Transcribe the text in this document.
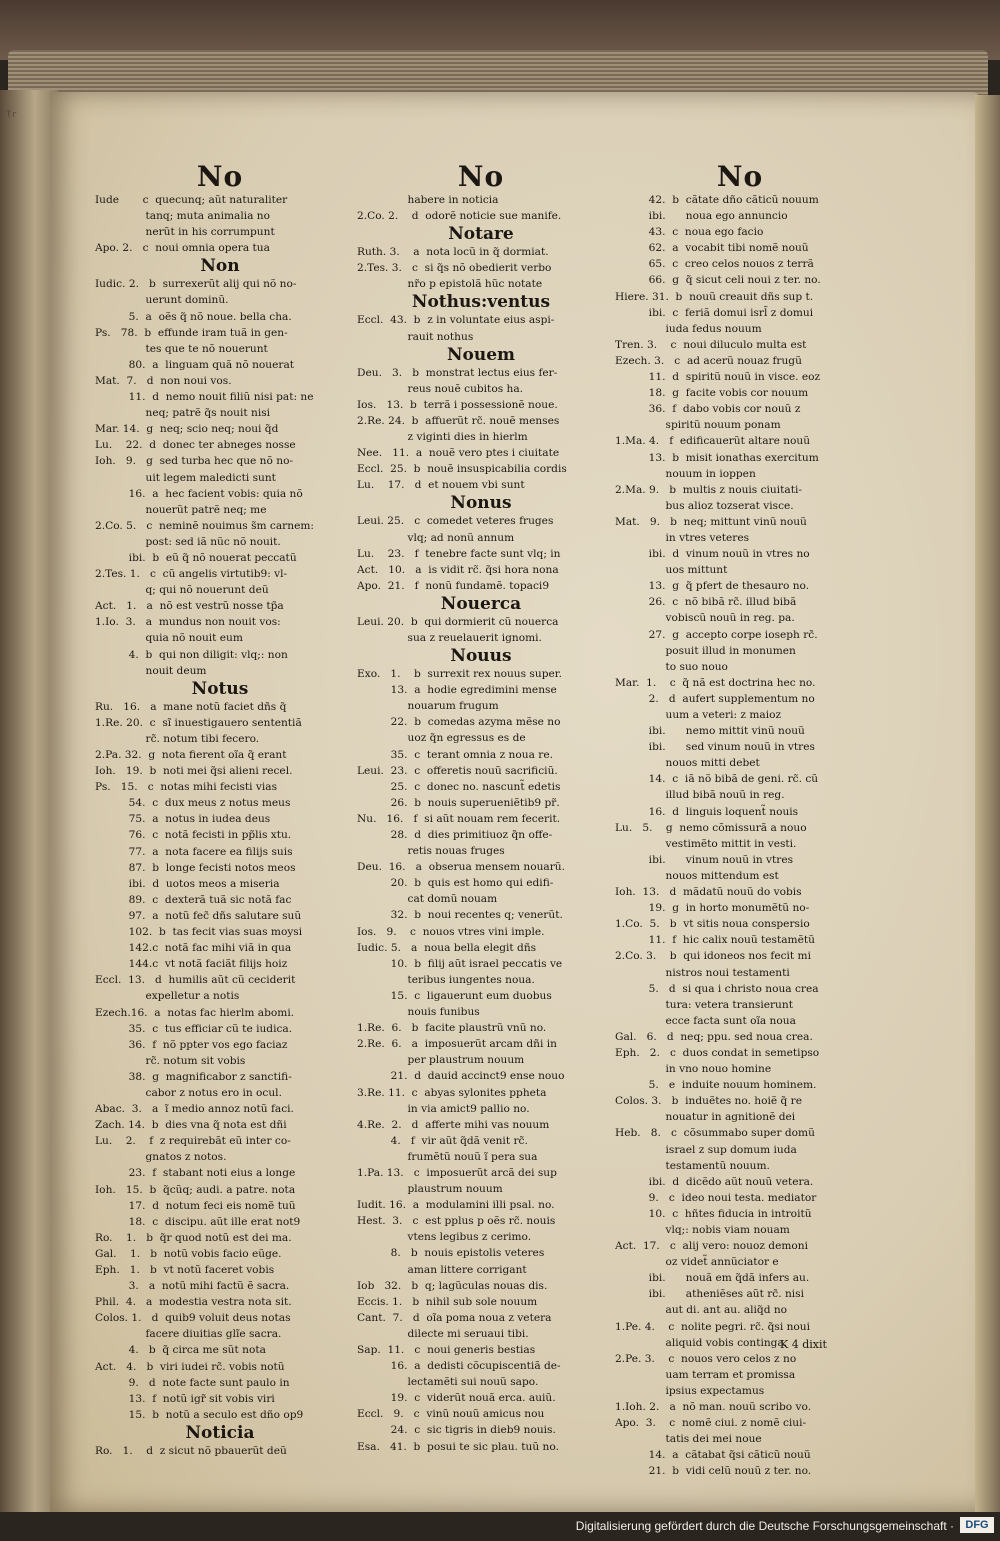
Tr
No
Iude       c  quecunq; aũt naturaliter
tanq; muta animalia no
nerũt in his corrumpunt
Apo. 2.   c  noui omnia opera tua
Non
Iudic. 2.   b  surrexerũt alij qui nõ no-
uerunt dominũ.
5.  a  oẽs q̃ nõ noue. bella cha.
Ps.   78.  b  effunde iram tuã in gen-
tes que te nõ nouerunt
80.  a  linguam quã nõ nouerat
Mat.  7.   d  non noui vos.
11.  d  nemo nouit filiũ nisi pat: ne
neq; patrẽ q̃s nouit nisi
Mar. 14.  g  neq; scio neq; noui q̃d
Lu.    22.  d  donec ter abneges nosse
Ioh.   9.   g  sed turba hec que nõ no-
uit legem maledicti sunt
16.  a  hec facient vobis: quia nõ
nouerũt patrẽ neq; me
2.Co. 5.   c  neminẽ nouimus s̃m carnem:
post: sed iã nũc nõ nouit.
ibi.  b  eũ q̃ nõ nouerat peccatũ
2.Tes. 1.   c  cũ angelis virtutib9: vl-
q; qui nõ nouerunt deũ
Act.   1.   a  nõ est vestrũ nosse tp̃a
1.Io.  3.   a  mundus non nouit vos:
quia nõ nouit eum
4.  b  qui non diligit: vlq;: non
nouit deum
Notus
Ru.   16.   a  mane notũ faciet dñs q̃
1.Re. 20.  c  sĩ inuestigauero sententiã
rc̃. notum tibi fecero.
2.Pa. 32.  g  nota fierent oĩa q̃ erant
Ioh.   19.  b  noti mei q̃si alieni recel.
Ps.   15.   c  notas mihi fecisti vias
54.  c  dux meus z notus meus
75.  a  notus in iudea deus
76.  c  notã fecisti in pp̃lis xtu.
77.  a  nota facere ea filijs suis
87.  b  longe fecisti notos meos
ibi.  d  uotos meos a miseria
89.  c  dexterã tuã sic notã fac
97.  a  notũ fec̃ dñs salutare suũ
102.  b  tas fecit vias suas moysi
142.c  notã fac mihi viã in qua
144.c  vt notã faciãt filijs hoiz
Eccl.  13.   d  humilis aũt cũ ceciderit
expelletur a notis
Ezech.16.  a  notas fac hierlm abomi.
35.  c  tus efficiar cũ te iudica.
36.  f  nõ ppter vos ego faciaz
rc̃. notum sit vobis
38.  g  magnificabor z sanctifi-
cabor z notus ero in ocul.
Abac.  3.   a  ĩ medio annoz notũ faci.
Zach. 14.  b  dies vna q̃ nota est dñi
Lu.    2.    f  z requirebãt eũ inter co-
gnatos z notos.
23.  f  stabant noti eius a longe
Ioh.   15.  b  q̃cũq; audi. a patre. nota
17.  d  notum feci eis nomẽ tuũ
18.  c  discipu. aũt ille erat not9
Ro.    1.   b  q̃r quod notũ est dei ma.
Gal.    1.   b  notũ vobis facio eũge.
Eph.   1.   b  vt notũ faceret vobis
3.   a  notũ mihi factũ ẽ sacra.
Phil.  4.   a  modestia vestra nota sit.
Colos. 1.   d  quib9 voluit deus notas
facere diuitias glĩe sacra.
4.   b  q̃ circa me sũt nota
Act.   4.   b  viri iudei rc̃. vobis notũ
9.   d  note facte sunt paulo in
13.  f  notũ igr̃ sit vobis viri
15.  b  notũ a seculo est dño op9
Noticia
Ro.   1.    d  z sicut nõ pbauerũt deũ
No
habere in noticia
2.Co. 2.    d  odorẽ noticie sue manife.
Notare
Ruth. 3.    a  nota locũ in q̃ dormiat.
2.Tes. 3.   c  si q̃s nõ obedierit verbo
nr̃o p epistolã hũc notate
Nothus:ventus
Eccl.  43.  b  z in voluntate eius aspi-
rauit nothus
Nouem
Deu.   3.   b  monstrat lectus eius fer-
reus nouẽ cubitos ha.
Ios.   13.  b  terrã i possessionẽ noue.
2.Re. 24.  b  affuerũt rc̃. nouẽ menses
z viginti dies in hierlm
Nee.   11.  a  nouẽ vero ptes i ciuitate
Eccl.  25.  b  nouẽ insuspicabilia cordis
Lu.    17.   d  et nouem vbi sunt
Nonus
Leui. 25.   c  comedet veteres fruges
vlq; ad nonũ annum
Lu.    23.   f  tenebre facte sunt vlq; in
Act.   10.   a  is vidit rc̃. q̃si hora nona
Apo.  21.   f  nonũ fundamẽ. topaci9
Nouerca
Leui. 20.  b  qui dormierit cũ nouerca
sua z reuelauerit ignomi.
Nouus
Exo.   1.    b  surrexit rex nouus super.
13.  a  hodie egredimini mense
nouarum frugum
22.  b  comedas azyma mẽse no
uoz q̃n egressus es de
35.  c  terant omnia z noua re.
Leui.  23.  c  offeretis nouũ sacrificiũ.
25.  c  donec no. nascunt̃ edetis
26.  b  nouis superueniẽtib9 pr̃.
Nu.   16.   f  si aũt nouam rem fecerit.
28.  d  dies primitiuoz q̃n offe-
retis nouas fruges
Deu.  16.   a  obserua mensem nouarũ.
20.  b  quis est homo qui edifi-
cat domũ nouam
32.  b  noui recentes q; venerũt.
Ios.   9.    c  nouos vtres vini imple.
Iudic. 5.   a  noua bella elegit dñs
10.  b  filij aũt israel peccatis ve
teribus iungentes noua.
15.  c  ligauerunt eum duobus
nouis funibus
1.Re.  6.   b  facite plaustrũ vnũ no.
2.Re.  6.   a  imposuerũt arcam dñi in
per plaustrum nouum
21.  d  dauid accinct9 ense nouo
3.Re. 11.  c  abyas sylonites ppheta
in via amict9 pallio no.
4.Re.  2.   d  afferte mihi vas nouum
4.   f  vir aũt q̃dã venit rc̃.
frumẽtũ nouũ ĩ pera sua
1.Pa. 13.   c  imposuerũt arcã dei sup
plaustrum nouum
Iudit. 16.  a  modulamini illi psal. no.
Hest.  3.   c  est pplus p oẽs rc̃. nouis
vtens legibus z cerimo.
8.   b  nouis epistolis veteres
aman littere corrigant
Iob   32.   b  q; lagũculas nouas dis.
Eccis. 1.   b  nihil sub sole nouum
Cant.  7.   d  oĩa poma noua z vetera
dilecte mi seruaui tibi.
Sap.  11.   c  noui generis bestias
16.  a  dedisti cõcupiscentiã de-
lectamẽti sui nouũ sapo.
19.  c  viderũt nouã erca. auiũ.
Eccl.   9.   c  vinũ nouũ amicus nou
24.  c  sic tigris in dieb9 nouis.
Esa.   41.  b  posui te sic plau. tuũ no.
No
42.  b  cãtate dño cãticũ nouum
ibi.      noua ego annuncio
43.  c  noua ego facio
62.  a  vocabit tibi nomẽ nouũ
65.  c  creo celos nouos z terrã
66.  g  q̃ sicut celi noui z ter. no.
Hiere. 31.  b  nouũ creauit dñs sup t.
ibi.  c  feriã domui isrl̃ z domui
iuda fedus nouum
Tren. 3.    c  noui diluculo multa est
Ezech. 3.   c  ad acerũ nouaz frugũ
11.  d  spiritũ nouũ in visce. eoz
18.  g  facite vobis cor nouum
36.  f  dabo vobis cor nouũ z
spiritũ nouum ponam
1.Ma. 4.   f  edificauerũt altare nouũ
13.  b  misit ionathas exercitum
nouum in ioppen
2.Ma. 9.   b  multis z nouis ciuitati-
bus alioz tozserat visce.
Mat.   9.   b  neq; mittunt vinũ nouũ
in vtres veteres
ibi.  d  vinum nouũ in vtres no
uos mittunt
13.  g  q̃ pfert de thesauro no.
26.  c  nõ bibã rc̃. illud bibã
vobiscũ nouũ in reg. pa.
27.  g  accepto corpe ioseph rc̃.
posuit illud in monumen
to suo nouo
Mar.  1.    c  q̃ nã est doctrina hec no.
2.   d  aufert supplementum no
uum a veteri: z maioz
ibi.      nemo mittit vinũ nouũ
ibi.      sed vinum nouũ in vtres
nouos mitti debet
14.  c  iã nõ bibã de geni. rc̃. cũ
illud bibã nouũ in reg.
16.  d  linguis loquent̃ nouis
Lu.   5.    g  nemo cõmissurã a nouo
vestimẽto mittit in vesti.
ibi.      vinum nouũ in vtres
nouos mittendum est
Ioh.  13.   d  mãdatũ nouũ do vobis
19.  g  in horto monumẽtũ no-
1.Co.  5.   b  vt sitis noua conspersio
11.  f  hic calix nouũ testamẽtũ
2.Co. 3.    b  qui idoneos nos fecit mi
nistros noui testamenti
5.   d  si qua i christo noua crea
tura: vetera transierunt
ecce facta sunt oĩa noua
Gal.   6.   d  neq; ppu. sed noua crea.
Eph.   2.   c  duos condat in semetipso
in vno nouo homine
5.   e  induite nouum hominem.
Colos. 3.   b  induẽtes no. hoiẽ q̃ re
nouatur in agnitionẽ dei
Heb.   8.   c  cõsummabo super domũ
israel z sup domum iuda
testamentũ nouum.
ibi.  d  dicẽdo aũt nouũ vetera.
9.   c  ideo noui testa. mediator
10.  c  hñtes fiducia in introitũ
vlq;: nobis viam nouam
Act.  17.   c  alij vero: nouoz demoni
oz videt̃ annũciator e
ibi.      nouã em q̃dã infers au.
ibi.      atheniẽses aũt rc̃. nisi
aut di. ant au. aliq̃d no
1.Pe. 4.    c  nolite pegri. rc̃. q̃si noui
aliquid vobis continga.
2.Pe. 3.    c  nouos vero celos z no
uam terram et promissa
ipsius expectamus
1.Ioh. 2.   a  nõ man. nouũ scribo vo.
Apo.  3.    c  nomẽ ciui. z nomẽ ciui-
tatis dei mei noue
14.  a  cãtabat q̃si cãticũ nouũ
21.  b  vidi celũ nouũ z ter. no.
K 4 dixit
Digitalisierung gefördert durch die Deutsche Forschungsgemeinschaft ·	DFG
